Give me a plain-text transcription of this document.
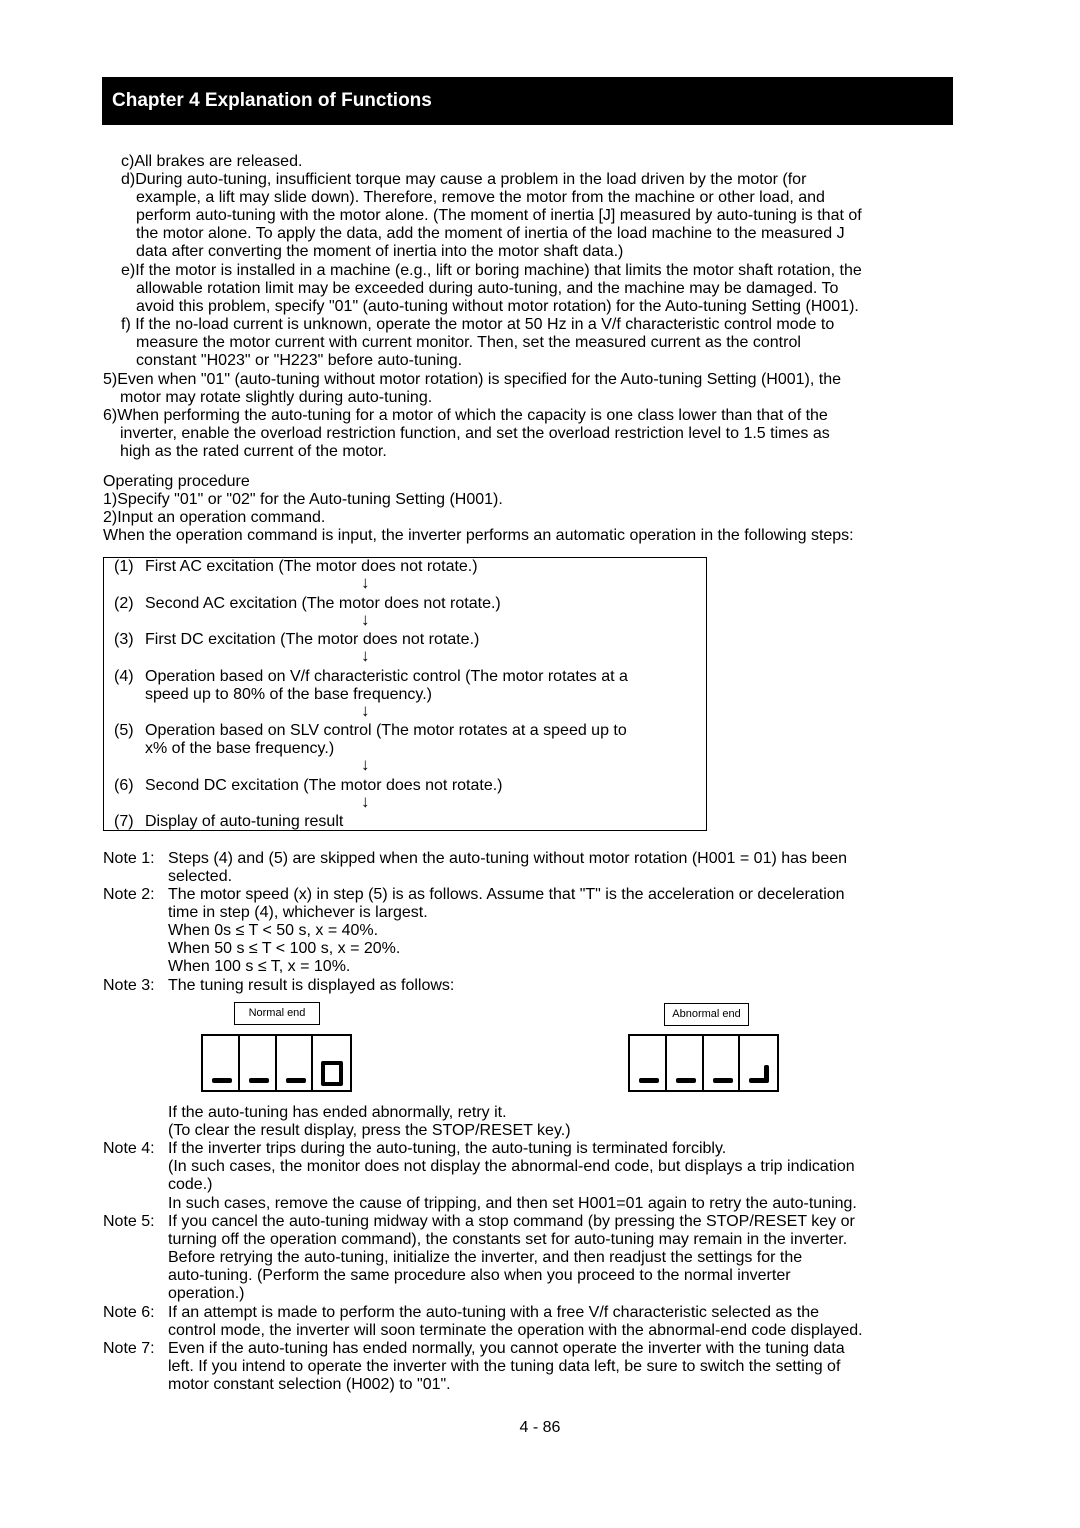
Chapter 4 Explanation of Functions
c)All brakes are released.
d)During auto-tuning, insufficient torque may cause a problem in the load driven by the motor (for
example, a lift may slide down). Therefore, remove the motor from the machine or other load, and
perform auto-tuning with the motor alone. (The moment of inertia [J] measured by auto-tuning is that of
the motor alone. To apply the data, add the moment of inertia of the load machine to the measured J
data after converting the moment of inertia into the motor shaft data.)
e)If the motor is installed in a machine (e.g., lift or boring machine) that limits the motor shaft rotation, the
allowable rotation limit may be exceeded during auto-tuning, and the machine may be damaged. To
avoid this problem, specify "01" (auto-tuning without motor rotation) for the Auto-tuning Setting (H001).
f) If the no-load current is unknown, operate the motor at 50 Hz in a V/f characteristic control mode to
measure the motor current with current monitor. Then, set the measured current as the control
constant "H023" or "H223" before auto-tuning.
5)Even when "01" (auto-tuning without motor rotation) is specified for the Auto-tuning Setting (H001), the
motor may rotate slightly during auto-tuning.
6)When performing the auto-tuning for a motor of which the capacity is one class lower than that of the
inverter, enable the overload restriction function, and set the overload restriction level to 1.5 times as
high as the rated current of the motor.
Operating procedure
1)Specify "01" or "02" for the Auto-tuning Setting (H001).
2)Input an operation command.
When the operation command is input, the inverter performs an automatic operation in the following steps:
(1) First AC excitation (The motor does not rotate.)
↓
(2) Second AC excitation (The motor does not rotate.)
↓
(3) First DC excitation (The motor does not rotate.)
↓
(4) Operation based on V/f characteristic control (The motor rotates at a
speed up to 80% of the base frequency.)
↓
(5) Operation based on SLV control (The motor rotates at a speed up to
x% of the base frequency.)
↓
(6) Second DC excitation (The motor does not rotate.)
↓
(7) Display of auto-tuning result
Note 1: Steps (4) and (5) are skipped when the auto-tuning without motor rotation (H001 = 01) has been
selected.
Note 2: The motor speed (x) in step (5) is as follows. Assume that "T" is the acceleration or deceleration
time in step (4), whichever is largest.
When 0s ≤ T < 50 s, x = 40%.
When 50 s ≤ T < 100 s, x = 20%.
When 100 s ≤ T, x = 10%.
Note 3: The tuning result is displayed as follows:
Normal end	Abnormal end
If the auto-tuning has ended abnormally, retry it.
(To clear the result display, press the STOP/RESET key.)
Note 4: If the inverter trips during the auto-tuning, the auto-tuning is terminated forcibly.
(In such cases, the monitor does not display the abnormal-end code, but displays a trip indication
code.)
In such cases, remove the cause of tripping, and then set H001=01 again to retry the auto-tuning.
Note 5: If you cancel the auto-tuning midway with a stop command (by pressing the STOP/RESET key or
turning off the operation command), the constants set for auto-tuning may remain in the inverter.
Before retrying the auto-tuning, initialize the inverter, and then readjust the settings for the
auto-tuning. (Perform the same procedure also when you proceed to the normal inverter
operation.)
Note 6: If an attempt is made to perform the auto-tuning with a free V/f characteristic selected as the
control mode, the inverter will soon terminate the operation with the abnormal-end code displayed.
Note 7: Even if the auto-tuning has ended normally, you cannot operate the inverter with the tuning data
left. If you intend to operate the inverter with the tuning data left, be sure to switch the setting of
motor constant selection (H002) to "01".
4 - 86
